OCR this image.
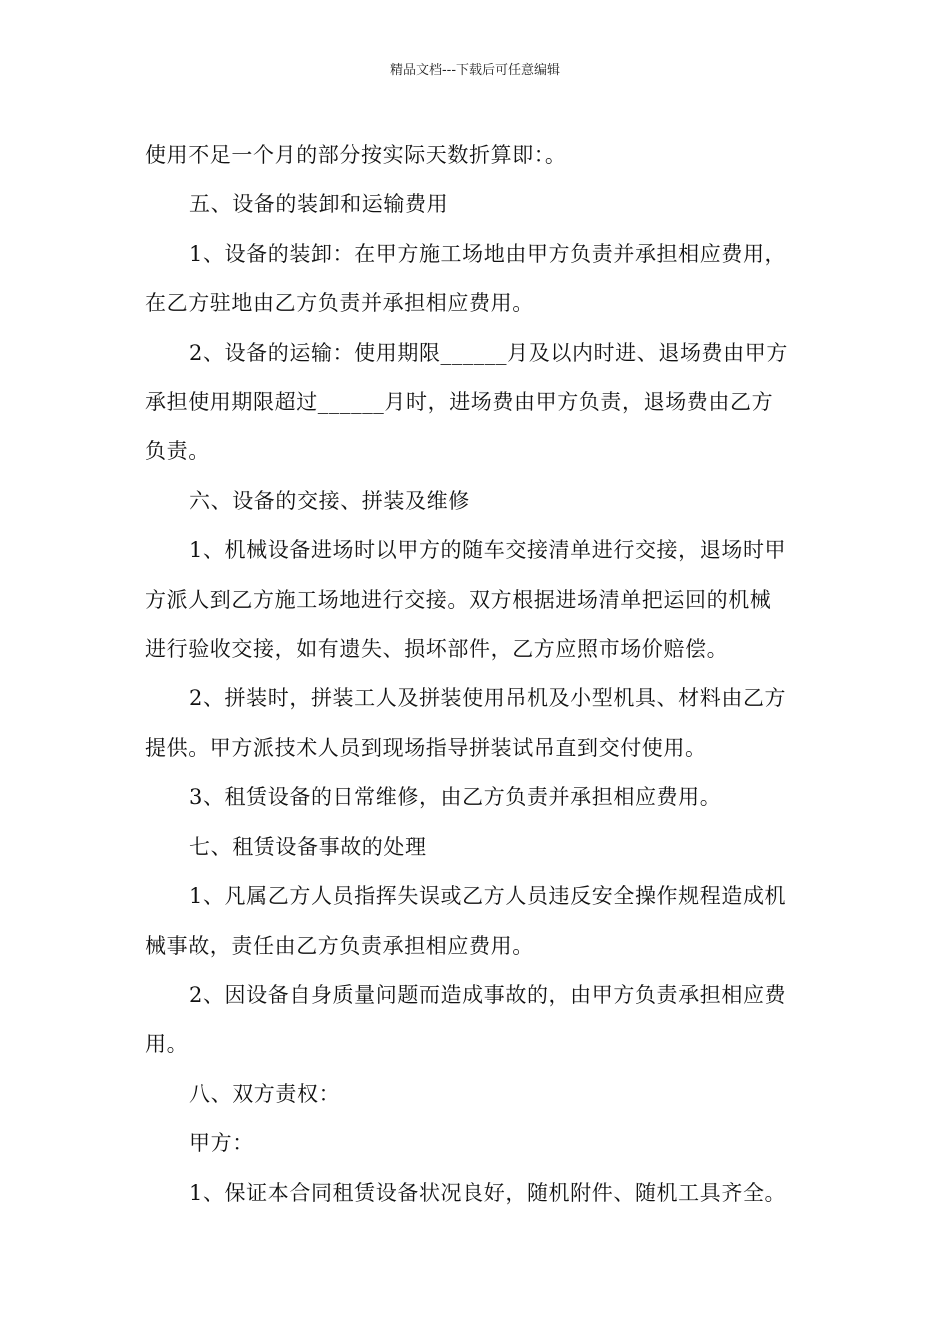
精品文档---下载后可任意编辑

使用不足一个月的部分按实际天数折算即：。

五、设备的装卸和运输费用

1、设备的装卸：在甲方施工场地由甲方负责并承担相应费用，

在乙方驻地由乙方负责并承担相应费用。

2、设备的运输：使用期限______月及以内时进、退场费由甲方

承担使用期限超过______月时，进场费由甲方负责，退场费由乙方

负责。

六、设备的交接、拼装及维修

1、机械设备进场时以甲方的随车交接清单进行交接，退场时甲

方派人到乙方施工场地进行交接。双方根据进场清单把运回的机械

进行验收交接，如有遗失、损坏部件，乙方应照市场价赔偿。

2、拼装时，拼装工人及拼装使用吊机及小型机具、材料由乙方

提供。甲方派技术人员到现场指导拼装试吊直到交付使用。

3、租赁设备的日常维修，由乙方负责并承担相应费用。

七、租赁设备事故的处理

1、凡属乙方人员指挥失误或乙方人员违反安全操作规程造成机

械事故，责任由乙方负责承担相应费用。

2、因设备自身质量问题而造成事故的，由甲方负责承担相应费

用。

八、双方责权：

甲方：

1、保证本合同租赁设备状况良好，随机附件、随机工具齐全。
